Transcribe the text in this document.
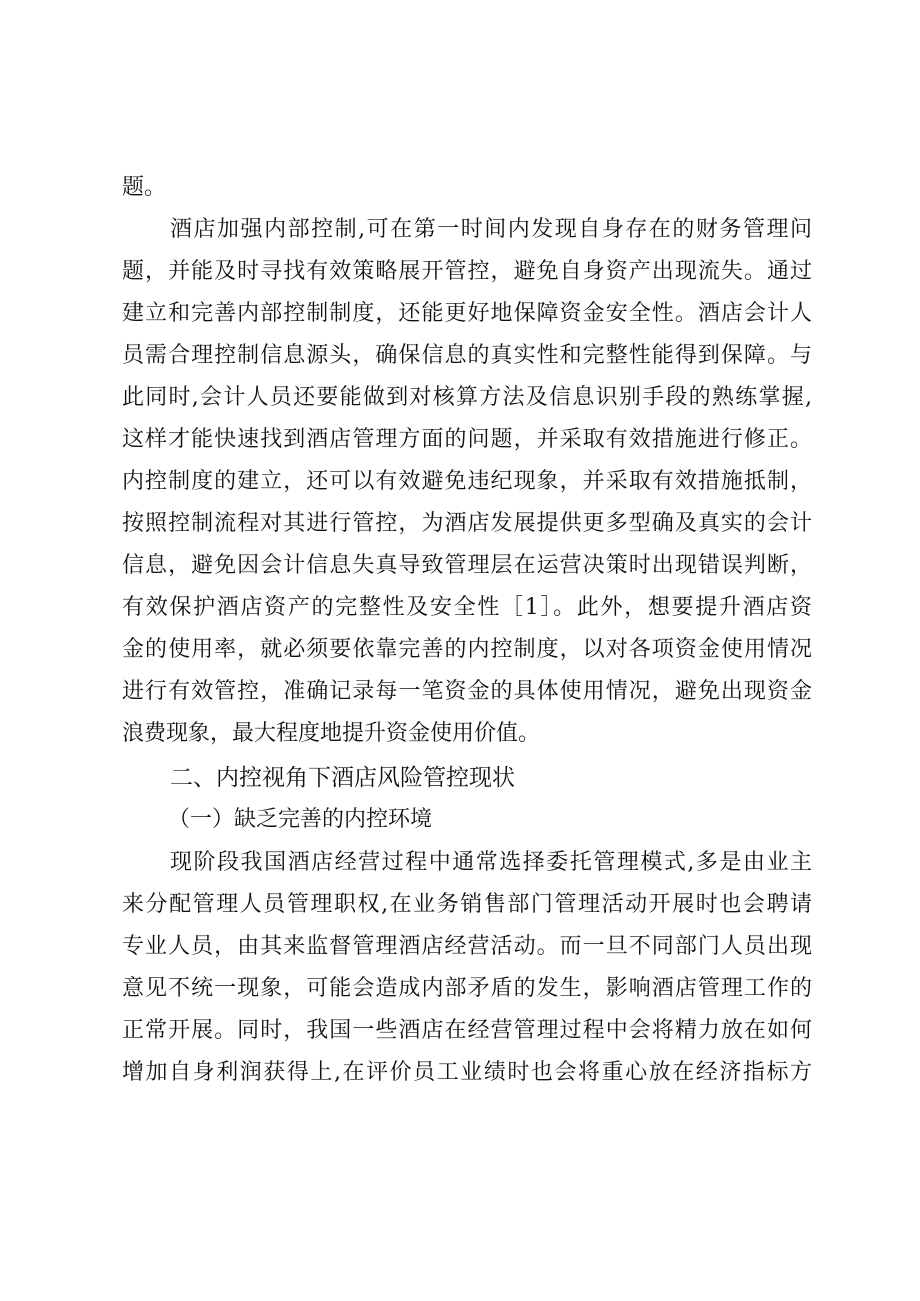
题。
酒店加强内部控制,可在第一时间内发现自身存在的财务管理问
题，并能及时寻找有效策略展开管控，避免自身资产出现流失。通过
建立和完善内部控制制度，还能更好地保障资金安全性。酒店会计人
员需合理控制信息源头，确保信息的真实性和完整性能得到保障。与
此同时,会计人员还要能做到对核算方法及信息识别手段的熟练掌握,
这样才能快速找到酒店管理方面的问题，并采取有效措施进行修正。
内控制度的建立，还可以有效避免违纪现象，并采取有效措施抵制，
按照控制流程对其进行管控，为酒店发展提供更多型确及真实的会计
信息，避免因会计信息失真导致管理层在运营决策时出现错误判断，
有效保护酒店资产的完整性及安全性［1］。此外，想要提升酒店资
金的使用率，就必须要依靠完善的内控制度，以对各项资金使用情况
进行有效管控，准确记录每一笔资金的具体使用情况，避免出现资金
浪费现象，最大程度地提升资金使用价值。
二、内控视角下酒店风险管控现状
（一）缺乏完善的内控环境
现阶段我国酒店经营过程中通常选择委托管理模式,多是由业主
来分配管理人员管理职权,在业务销售部门管理活动开展时也会聘请
专业人员，由其来监督管理酒店经营活动。而一旦不同部门人员出现
意见不统一现象，可能会造成内部矛盾的发生，影响酒店管理工作的
正常开展。同时，我国一些酒店在经营管理过程中会将精力放在如何
增加自身利润获得上,在评价员工业绩时也会将重心放在经济指标方
